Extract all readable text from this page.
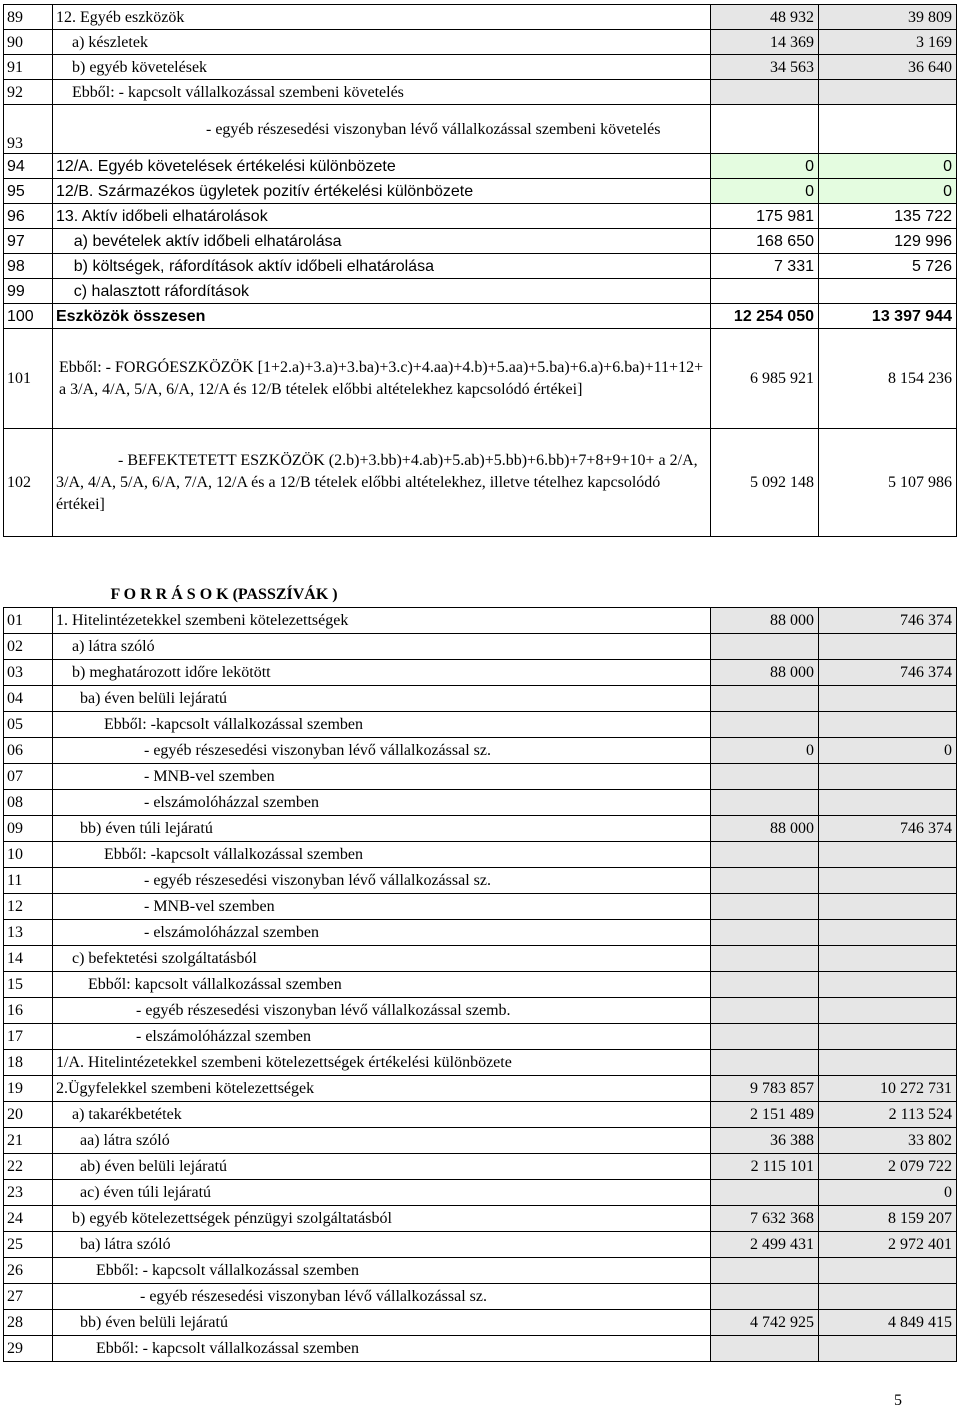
89	12. Egyéb eszközök	48 932	39 809
90	a) készletek	14 369	3 169
91	b) egyéb követelések	34 563	36 640
92	Ebből: - kapcsolt vállalkozással szembeni követelés		
93	- egyéb részesedési viszonyban lévő vállalkozással szembeni követelés		
94	12/A. Egyéb követelések értékelési különbözete	0	0
95	12/B. Származékos ügyletek pozitív értékelési különbözete	0	0
96	13. Aktív időbeli elhatárolások	175 981	135 722
97	a) bevételek aktív időbeli elhatárolása	168 650	129 996
98	b) költségek, ráfordítások aktív időbeli elhatárolása	7 331	5 726
99	c) halasztott ráfordítások		
100	Eszközök összesen	12 254 050	13 397 944
101	Ebből: - FORGÓESZKÖZÖK [1+2.a)+3.a)+3.ba)+3.c)+4.aa)+4.b)+5.aa)+5.ba)+6.a)+6.ba)+11+12+ a 3/A, 4/A, 5/A, 6/A, 12/A és 12/B tételek előbbi altételekhez kapcsolódó értékei]	6 985 921	8 154 236
102	- BEFEKTETETT ESZKÖZÖK (2.b)+3.bb)+4.ab)+5.ab)+5.bb)+6.bb)+7+8+9+10+ a 2/A, 3/A, 4/A, 5/A, 6/A, 7/A, 12/A és a 12/B tételek előbbi altételekhez, illetve tételhez kapcsolódó értékei]	5 092 148	5 107 986
	F O R R Á S O K (PASSZÍVÁK )		
01	1. Hitelintézetekkel szembeni kötelezettségek	88 000	746 374
02	a) látra szóló		
03	b) meghatározott időre lekötött	88 000	746 374
04	ba) éven belüli lejáratú		
05	Ebből: -kapcsolt vállalkozással szemben		
06	- egyéb részesedési viszonyban lévő vállalkozással sz.	0	0
07	- MNB-vel szemben		
08	- elszámolóházzal szemben		
09	bb) éven túli lejáratú	88 000	746 374
10	Ebből: -kapcsolt vállalkozással szemben		
11	- egyéb részesedési viszonyban lévő vállalkozással sz.		
12	- MNB-vel szemben		
13	- elszámolóházzal szemben		
14	c) befektetési szolgáltatásból		
15	Ebből: kapcsolt vállalkozással szemben		
16	- egyéb részesedési viszonyban lévő vállalkozással szemb.		
17	- elszámolóházzal szemben		
18	1/A. Hitelintézetekkel szembeni kötelezettségek értékelési különbözete		
19	2.Ügyfelekkel szembeni kötelezettségek	9 783 857	10 272 731
20	a) takarékbetétek	2 151 489	2 113 524
21	aa) látra szóló	36 388	33 802
22	ab) éven belüli lejáratú	2 115 101	2 079 722
23	ac) éven túli lejáratú		0
24	b) egyéb kötelezettségek pénzügyi szolgáltatásból	7 632 368	8 159 207
25	ba) látra szóló	2 499 431	2 972 401
26	Ebből: - kapcsolt vállalkozással szemben		
27	- egyéb részesedési viszonyban lévő vállalkozással sz.		
28	bb) éven belüli lejáratú	4 742 925	4 849 415
29	Ebből: - kapcsolt vállalkozással szemben		
5
